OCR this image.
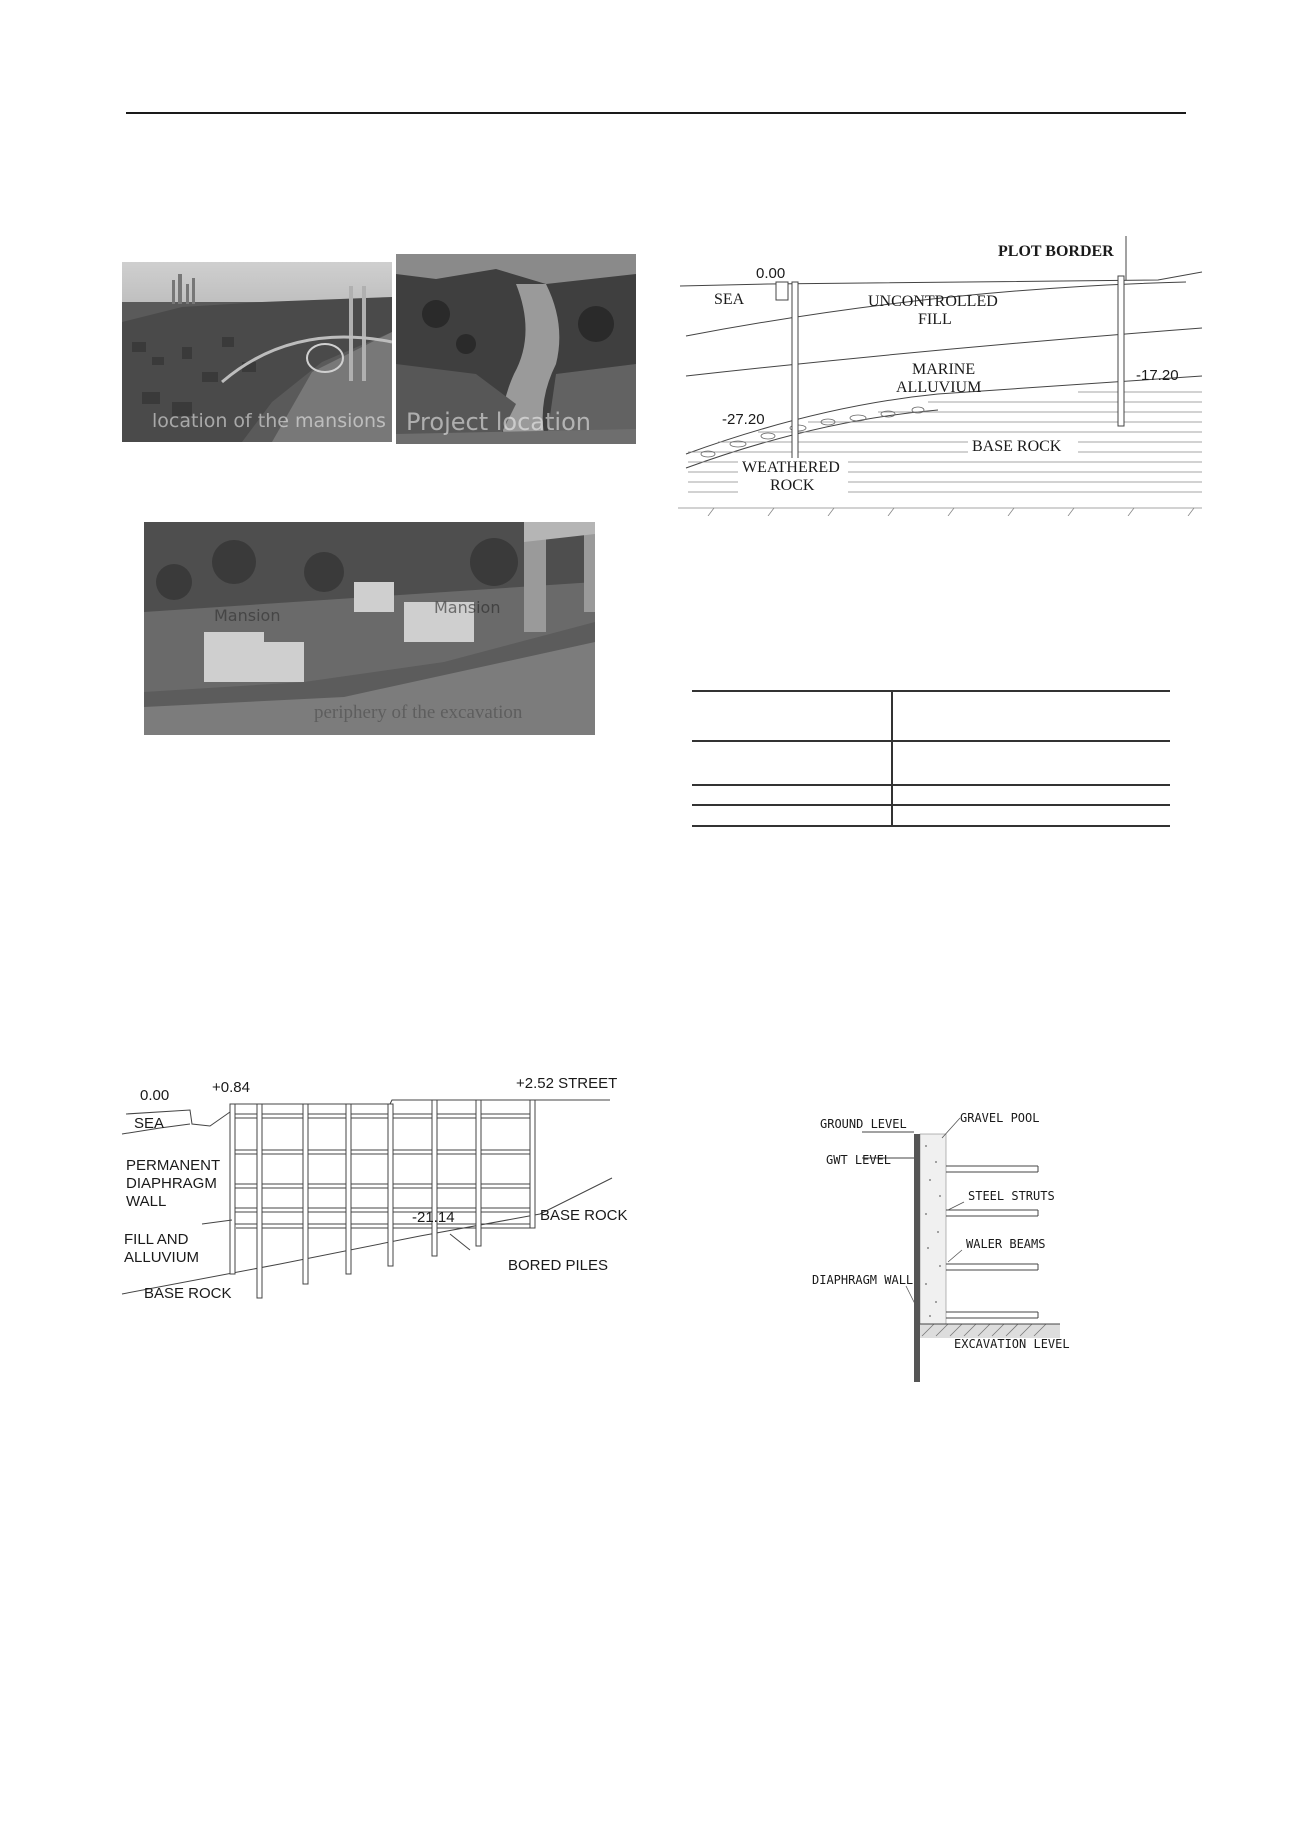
location of the mansions Project location
Mansion	Mansion
periphery of the excavation
PLOT BORDER
0.00
SEA	UNCONTROLLED
FILL
MARINE
ALLUVIUM
-17.20
-27.20
BASE ROCK
WEATHERED
ROCK
0.00
SEA
+0.84	+2.52 STREET
PERMANENT
DIAPHRAGM
WALL
BASE ROCK
-21.14
FILL AND
ALLUVIUM	BORED PILES
BASE ROCK
GROUND LEVEL	GRAVEL POOL
GWT LEVEL
STEEL STRUTS
WALER BEAMS
DIAPHRAGM WALL
EXCAVATION LEVEL
